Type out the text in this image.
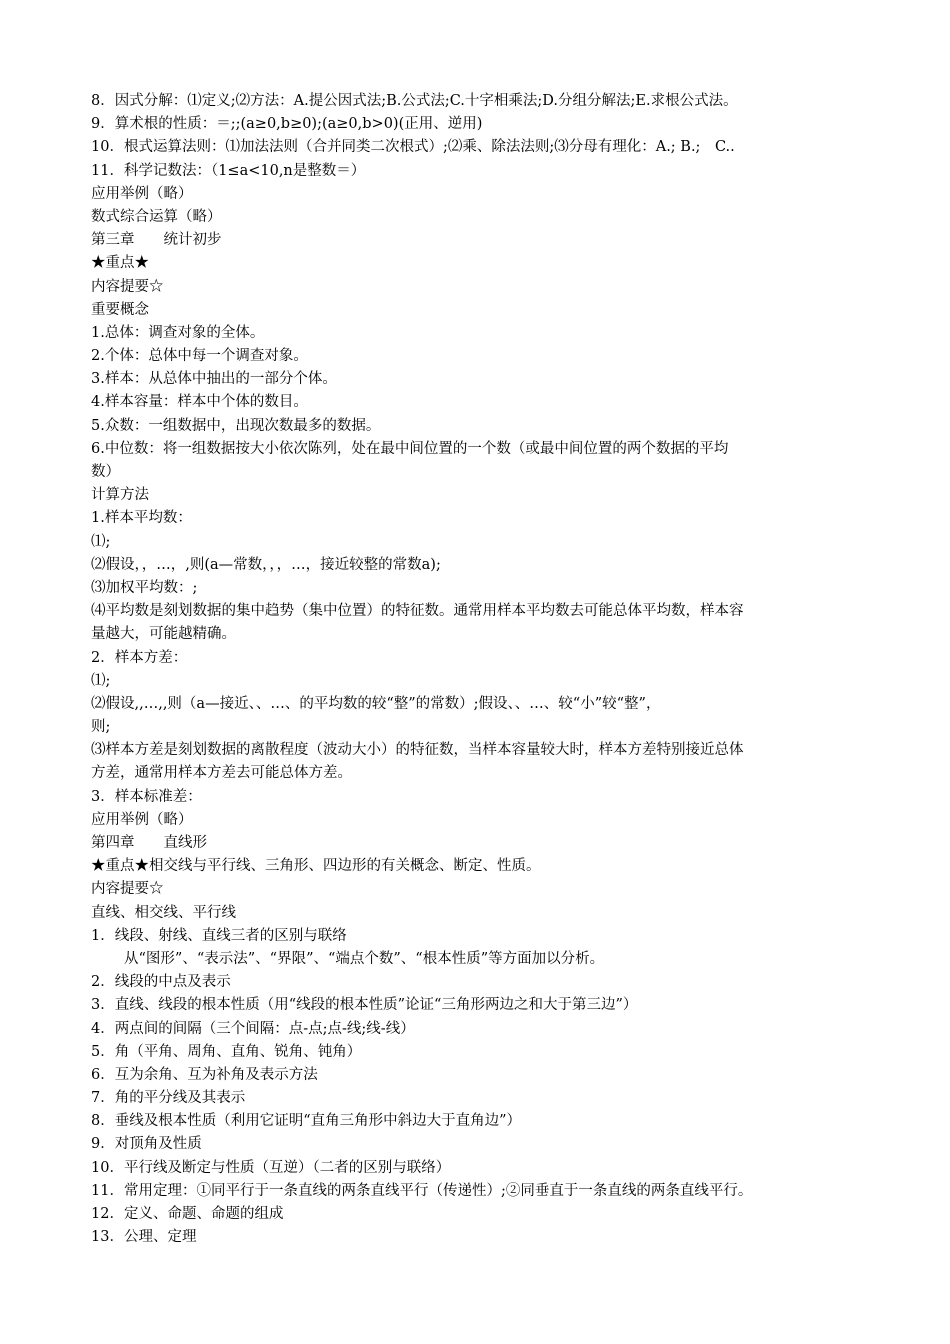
8．因式分解：⑴定义;⑵方法：A.提公因式法;B.公式法;C.十字相乘法;D.分组分解法;E.求根公式法。
9．算术根的性质：＝;;(a≥0,b≥0);(a≥0,b>0)(正用、逆用)
10．根式运算法则：⑴加法法则（合并同类二次根式）;⑵乘、除法法则;⑶分母有理化：A.; B.;　C..
11．科学记数法：（1≤a<10,n是整数＝）
应用举例（略）
数式综合运算（略）
第三章　　统计初步
★重点★
内容提要☆
重要概念
1.总体：调查对象的全体。
2.个体：总体中每一个调查对象。
3.样本：从总体中抽出的一部分个体。
4.样本容量：样本中个体的数目。
5.众数：一组数据中，出现次数最多的数据。
6.中位数：将一组数据按大小依次陈列，处在最中间位置的一个数（或最中间位置的两个数据的平均
数）
计算方法
1.样本平均数：
⑴;
⑵假设，，…，,则(a—常数，，，…，接近较整的常数a);
⑶加权平均数：;
⑷平均数是刻划数据的集中趋势（集中位置）的特征数。通常用样本平均数去可能总体平均数，样本容
量越大，可能越精确。
2．样本方差：
⑴;
⑵假设,,…,,则（a—接近、、…、的平均数的较“整”的常数）;假设、、…、较“小”较“整”，
则;
⑶样本方差是刻划数据的离散程度（波动大小）的特征数，当样本容量较大时，样本方差特别接近总体
方差，通常用样本方差去可能总体方差。
3．样本标准差：
应用举例（略）
第四章　　直线形
★重点★相交线与平行线、三角形、四边形的有关概念、断定、性质。
内容提要☆
直线、相交线、平行线
1．线段、射线、直线三者的区别与联络
从“图形”、“表示法”、“界限”、“端点个数”、“根本性质”等方面加以分析。
2．线段的中点及表示
3．直线、线段的根本性质（用“线段的根本性质”论证“三角形两边之和大于第三边”）
4．两点间的间隔（三个间隔：点-点;点-线;线-线）
5．角（平角、周角、直角、锐角、钝角）
6．互为余角、互为补角及表示方法
7．角的平分线及其表示
8．垂线及根本性质（利用它证明“直角三角形中斜边大于直角边”）
9．对顶角及性质
10．平行线及断定与性质（互逆）（二者的区别与联络）
11．常用定理：①同平行于一条直线的两条直线平行（传递性）;②同垂直于一条直线的两条直线平行。
12．定义、命题、命题的组成
13．公理、定理
